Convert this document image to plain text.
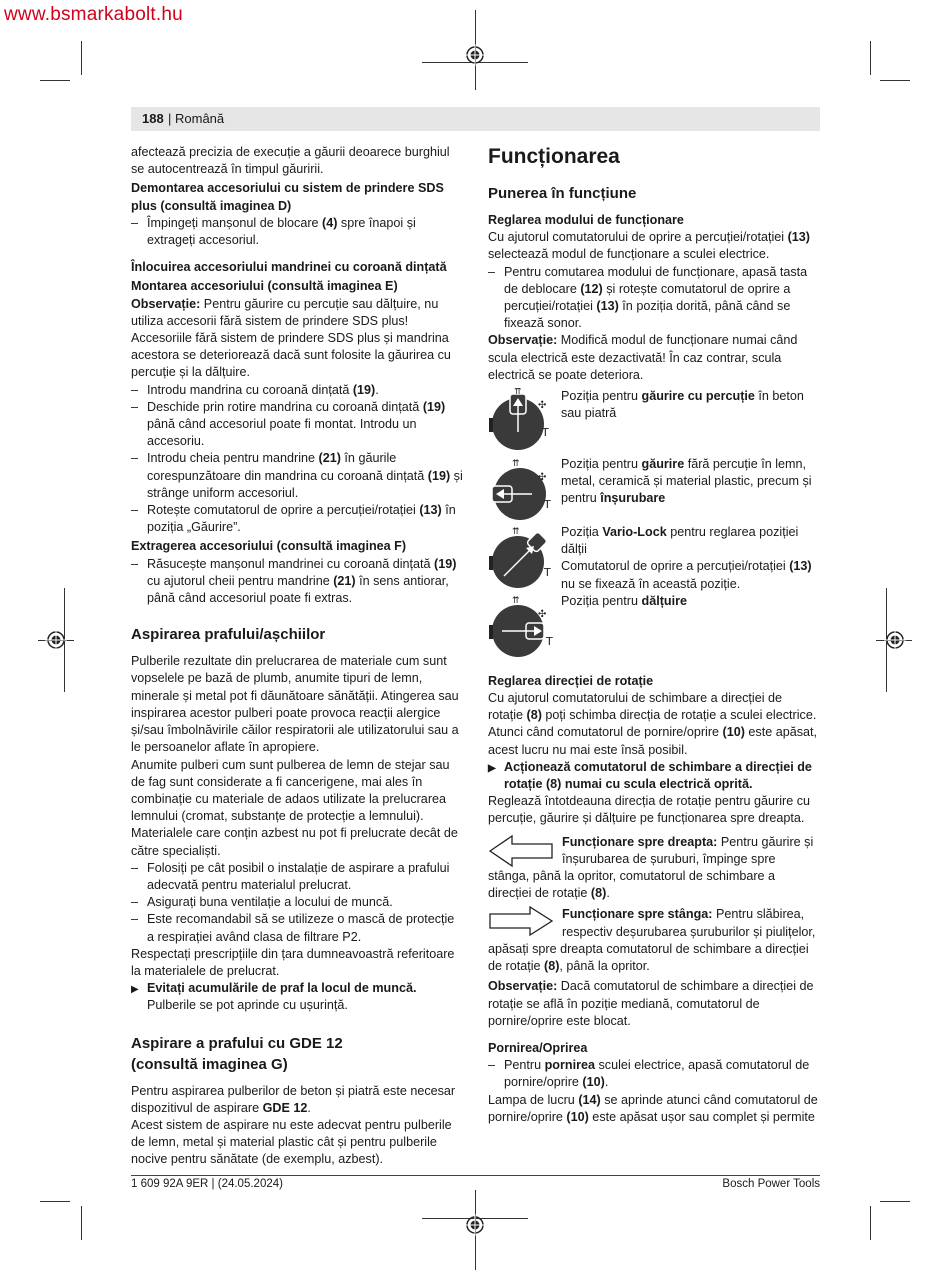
www.bsmarkabolt.hu
188 | Română

afectează precizia de execuție a găurii deoarece burghiul se autocentrează în timpul găuririi.

Demontarea accesoriului cu sistem de prindere SDS plus (consultă imaginea D)

– Împingeți manșonul de blocare (4) spre înapoi și extrageți accesoriul.

Înlocuirea accesoriului mandrinei cu coroană dințată

Montarea accesoriului (consultă imaginea E)

Observație: Pentru găurire cu percuție sau dălțuire, nu utiliza accesorii fără sistem de prindere SDS plus! Accesoriile fără sistem de prindere SDS plus și mandrina acestora se deteriorează dacă sunt folosite la găurirea cu percuție și la dălțuire.

– Introdu mandrina cu coroană dințată (19).

– Deschide prin rotire mandrina cu coroană dințată (19) până când accesoriul poate fi montat. Introdu un accesoriu.

– Introdu cheia pentru mandrine (21) în găurile corespunzătoare din mandrina cu coroană dințată (19) și strânge uniform accesoriul.

– Rotește comutatorul de oprire a percuției/rotației (13) în poziția „Găurire”.

Extragerea accesoriului (consultă imaginea F)

– Răsucește manșonul mandrinei cu coroană dințată (19) cu ajutorul cheii pentru mandrine (21) în sens antiorar, până când accesoriul poate fi extras.

Aspirarea prafului/așchiilor

Pulberile rezultate din prelucrarea de materiale cum sunt vopselele pe bază de plumb, anumite tipuri de lemn, minerale și metal pot fi dăunătoare sănătății. Atingerea sau inspirarea acestor pulberi poate provoca reacții alergice și/sau îmbolnăvirile căilor respiratorii ale utilizatorului sau a le persoanelor aflate în apropiere.

Anumite pulberi cum sunt pulberea de lemn de stejar sau de fag sunt considerate a fi cancerigene, mai ales în combinație cu materiale de adaos utilizate la prelucrarea lemnului (cromat, substanțe de protecție a lemnului). Materialele care conțin azbest nu pot fi prelucrate decât de către specialiști.

– Folosiți pe cât posibil o instalație de aspirare a prafului adecvată pentru materialul prelucrat.

– Asigurați buna ventilație a locului de muncă.

– Este recomandabil să se utilizeze o mască de protecție a respirației având clasa de filtrare P2.

Respectați prescripțiile din țara dumneavoastră referitoare la materialele de prelucrat.

▶ Evitați acumulările de praf la locul de muncă. Pulberile se pot aprinde cu ușurință.

Aspirare a prafului cu GDE 12
(consultă imaginea G)

Pentru aspirarea pulberilor de beton și piatră este necesar dispozitivul de aspirare GDE 12.

Acest sistem de aspirare nu este adecvat pentru pulberile de lemn, metal și material plastic cât și pentru pulberile nocive pentru sănătate (de exemplu, azbest).

Funcționarea
Punerea în funcțiune

Reglarea modului de funcționare

Cu ajutorul comutatorului de oprire a percuției/rotației (13) selectează modul de funcționare a sculei electrice.

– Pentru comutarea modului de funcționare, apasă tasta de deblocare (12) și rotește comutatorul de oprire a percuției/rotației (13) în poziția dorită, până când se fixează sonor.

Observație: Modifică modul de funcționare numai când scula electrică este dezactivată! În caz contrar, scula electrică se poate deteriora.

⇈
✣
T

Poziția pentru găurire cu percuție în beton sau piatră

⇈
✣
T

Poziția pentru găurire fără percuție în lemn, metal, ceramică și material plastic, precum și pentru înșurubare

⇈
T

Poziția Vario-Lock pentru reglarea poziției dălții

Comutatorul de oprire a percuției/rotației (13) nu se fixează în această poziție.

⇈
✣
T

Poziția pentru dălțuire

Reglarea direcției de rotație

Cu ajutorul comutatorului de schimbare a direcției de rotație (8) poți schimba direcția de rotație a sculei electrice. Atunci când comutatorul de pornire/oprire (10) este apăsat, acest lucru nu mai este însă posibil.

▶ Acționează comutatorul de schimbare a direcției de rotație (8) numai cu scula electrică oprită.

Reglează întotdeauna direcția de rotație pentru găurire cu percuție, găurire și dălțuire pe funcționarea spre dreapta.

Funcționare spre dreapta: Pentru găurire și înșurubarea de șuruburi, împinge spre stânga, până la opritor, comutatorul de schimbare a direcției de rotație (8).

Funcționare spre stânga: Pentru slăbirea, respectiv deșurubarea șuruburilor și piulițelor, apăsați spre dreapta comutatorul de schimbare a direcției de rotație (8), până la opritor.

Observație: Dacă comutatorul de schimbare a direcției de rotație se află în poziție mediană, comutatorul de pornire/oprire este blocat.

Pornirea/Oprirea

– Pentru pornirea sculei electrice, apasă comutatorul de pornire/oprire (10).

Lampa de lucru (14) se aprinde atunci când comutatorul de pornire/oprire (10) este apăsat ușor sau complet și permite

1 609 92A 9ER | (24.05.2024)	Bosch Power Tools
